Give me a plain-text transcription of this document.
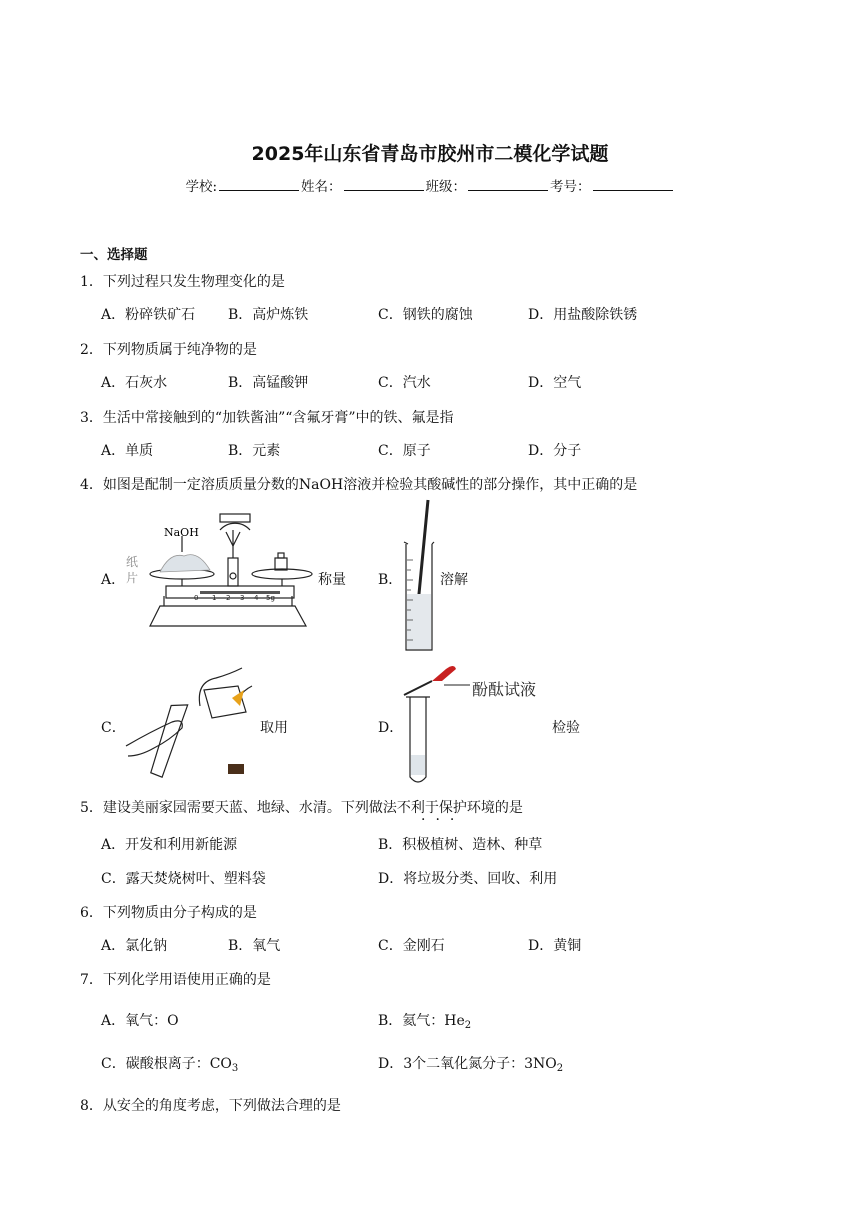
2025年山东省青岛市胶州市二模化学试题
学校:	姓名：	班级：	考号：
一、选择题
1．下列过程只发生物理变化的是
A．粉碎铁矿石 B．高炉炼铁	C．钢铁的腐蚀	D．用盐酸除铁锈
2．下列物质属于纯净物的是
A．石灰水	B．高锰酸钾	C．汽水	D．空气
3．生活中常接触到的“加铁酱油”“含氟牙膏”中的铁、氟是指
A．单质	B．元素	C．原子	D．分子
4．如图是配制一定溶质质量分数的NaOH溶液并检验其酸碱性的部分操作，其中正确的是
A．	称量 B．	溶解
C．	取用	D．	检验
NaOH
纸
片
0 1 2 3 4 5g
酚酞试液
5．建设美丽家园需要天蓝、地绿、水清。下列做法不利于保护环境的是
···
A．开发和利用新能源	B．积极植树、造林、种草
C．露天焚烧树叶、塑料袋	D．将垃圾分类、回收、利用
6．下列物质由分子构成的是
A．氯化钠	B．氧气	C．金刚石	D．黄铜
7．下列化学用语使用正确的是
A．氧气：O	B．氦气：$He_2$
C．碳酸根离子：$CO_3$	D．3个二氧化氮分子：$3NO_2$
8．从安全的角度考虑，下列做法合理的是
